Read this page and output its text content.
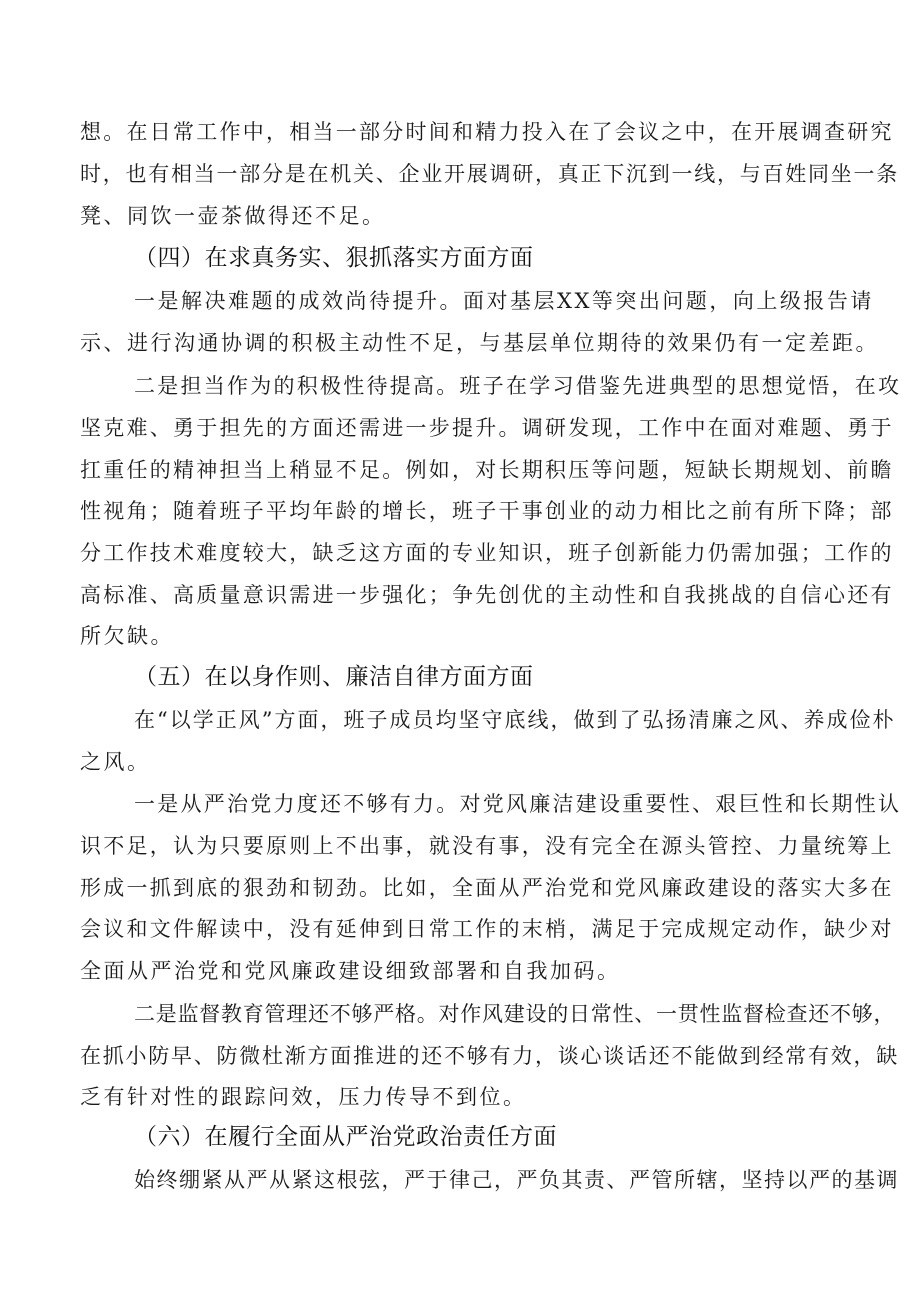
想。在日常工作中，相当一部分时间和精力投入在了会议之中，在开展调查研究
时，也有相当一部分是在机关、企业开展调研，真正下沉到一线，与百姓同坐一条
凳、同饮一壶茶做得还不足。
（四）在求真务实、狠抓落实方面方面
一是解决难题的成效尚待提升。面对基层XX等突出问题，向上级报告请
示、进行沟通协调的积极主动性不足，与基层单位期待的效果仍有一定差距。
二是担当作为的积极性待提高。班子在学习借鉴先进典型的思想觉悟，在攻
坚克难、勇于担先的方面还需进一步提升。调研发现，工作中在面对难题、勇于
扛重任的精神担当上稍显不足。例如，对长期积压等问题，短缺长期规划、前瞻
性视角；随着班子平均年龄的增长，班子干事创业的动力相比之前有所下降；部
分工作技术难度较大，缺乏这方面的专业知识，班子创新能力仍需加强；工作的
高标准、高质量意识需进一步强化；争先创优的主动性和自我挑战的自信心还有
所欠缺。
（五）在以身作则、廉洁自律方面方面
在“以学正风”方面，班子成员均坚守底线，做到了弘扬清廉之风、养成俭朴
之风。
一是从严治党力度还不够有力。对党风廉洁建设重要性、艰巨性和长期性认
识不足，认为只要原则上不出事，就没有事，没有完全在源头管控、力量统筹上
形成一抓到底的狠劲和韧劲。比如，全面从严治党和党风廉政建设的落实大多在
会议和文件解读中，没有延伸到日常工作的末梢，满足于完成规定动作，缺少对
全面从严治党和党风廉政建设细致部署和自我加码。
二是监督教育管理还不够严格。对作风建设的日常性、一贯性监督检查还不够，
在抓小防早、防微杜渐方面推进的还不够有力，谈心谈话还不能做到经常有效，缺
乏有针对性的跟踪问效，压力传导不到位。
（六）在履行全面从严治党政治责任方面
始终绷紧从严从紧这根弦，严于律己，严负其责、严管所辖，坚持以严的基调
